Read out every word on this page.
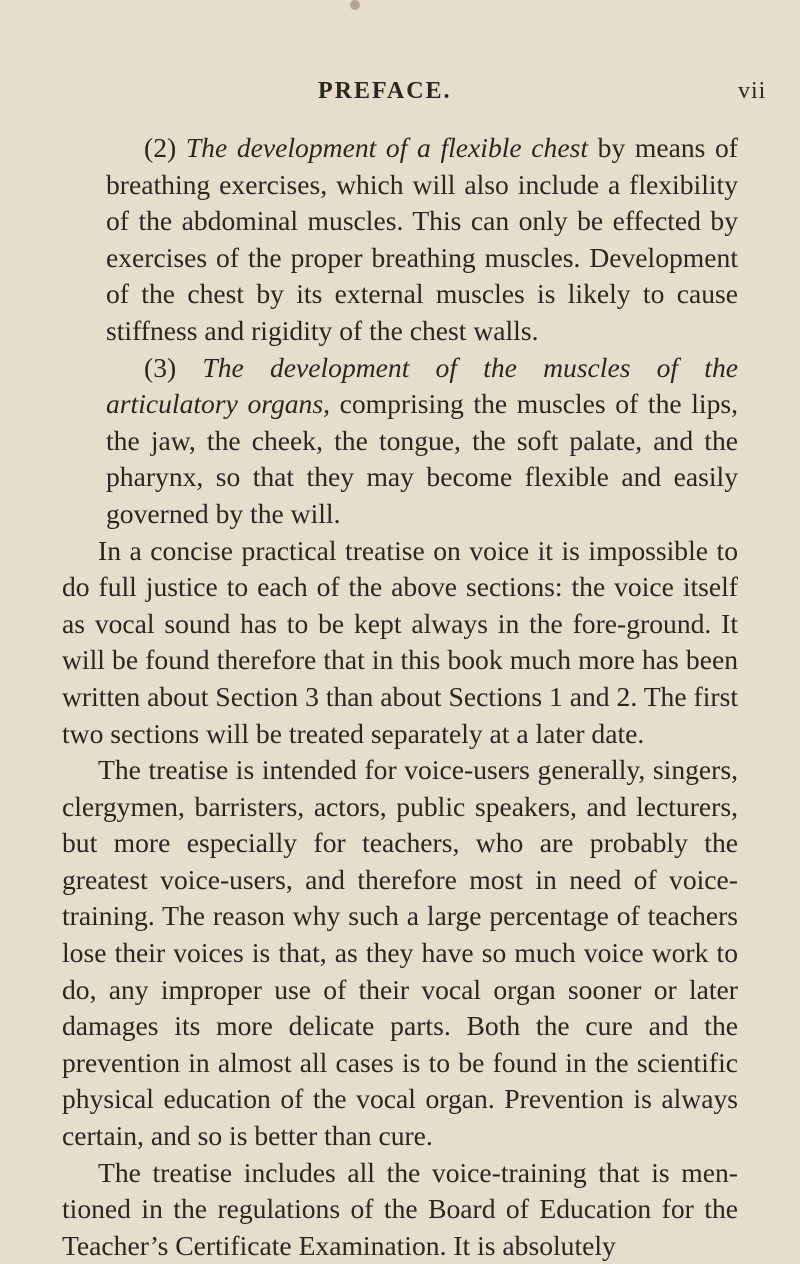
PREFACE.	vii

(2) The development of a flexible chest by means of breathing exercises, which will also include a flexibility of the abdominal muscles. This can only be effected by exercises of the proper breathing muscles. Development of the chest by its external muscles is likely to cause stiffness and rigidity of the chest walls.

(3) The development of the muscles of the articulatory organs, comprising the muscles of the lips, the jaw, the cheek, the tongue, the soft palate, and the pharynx, so that they may become flexible and easily governed by the will.

In a concise practical treatise on voice it is impossible to do full justice to each of the above sections: the voice itself as vocal sound has to be kept always in the fore-ground. It will be found therefore that in this book much more has been written about Section 3 than about Sections 1 and 2. The first two sections will be treated separately at a later date.

The treatise is intended for voice-users generally, singers, clergymen, barristers, actors, public speakers, and lecturers, but more especially for teachers, who are probably the greatest voice-users, and therefore most in need of voice-training. The reason why such a large percentage of teachers lose their voices is that, as they have so much voice work to do, any improper use of their vocal organ sooner or later damages its more delicate parts. Both the cure and the prevention in almost all cases is to be found in the scientific physical education of the vocal organ. Prevention is always certain, and so is better than cure.

The treatise includes all the voice-training that is men-tioned in the regulations of the Board of Education for the Teacher’s Certificate Examination. It is absolutely
